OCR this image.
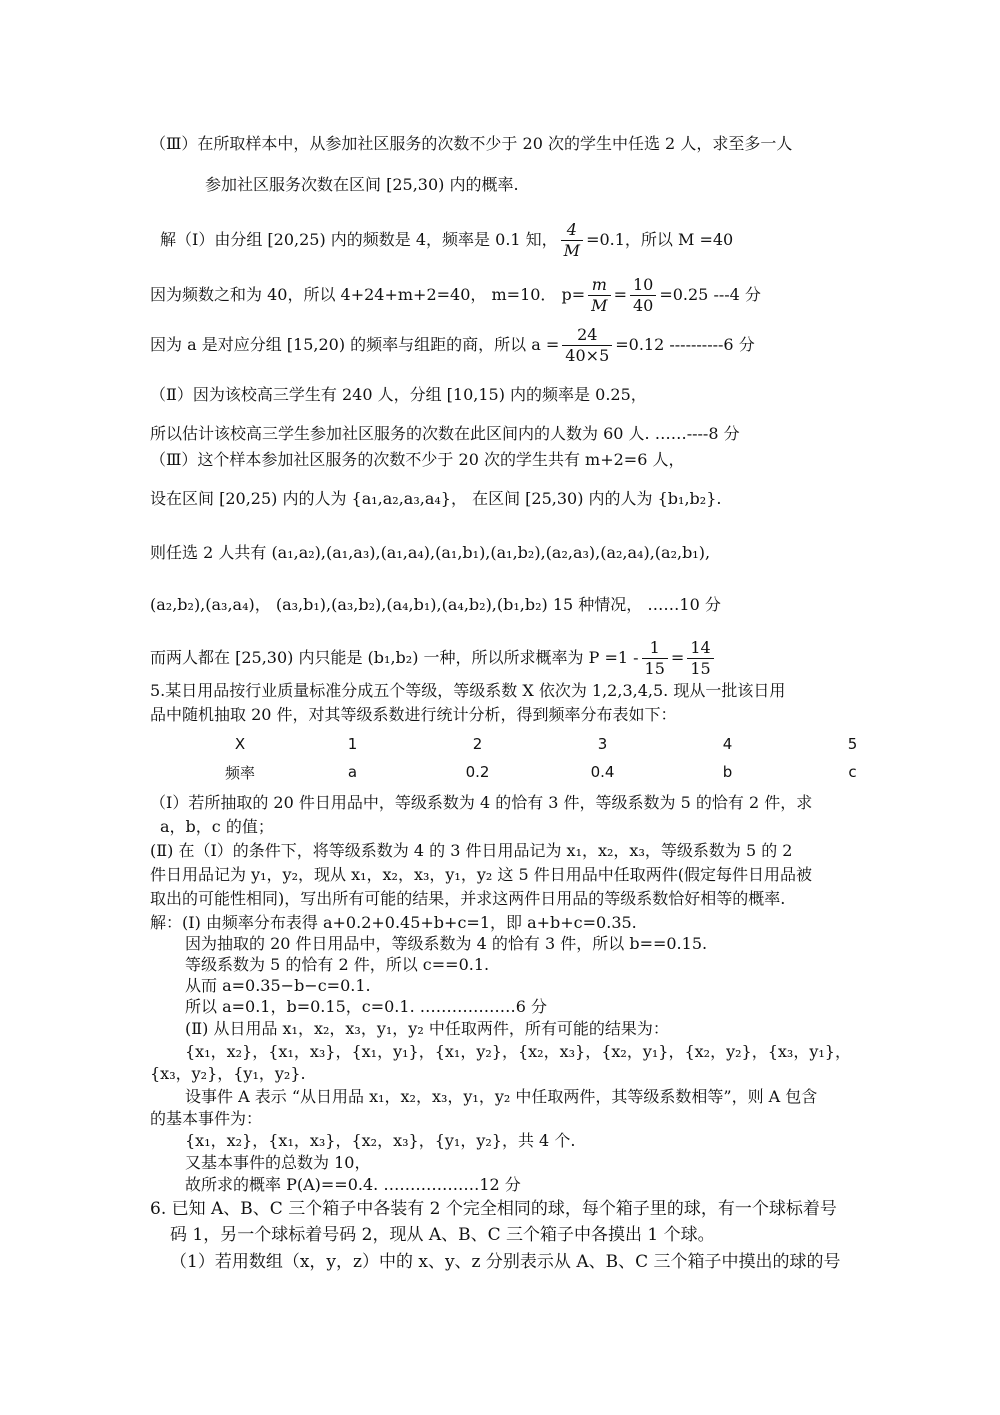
（Ⅲ）在所取样本中，从参加社区服务的次数不少于 20 次的学生中任选 2 人，求至多一人
参加社区服务次数在区间 [25,30) 内的概率.
解（Ⅰ）由分组 [20,25) 内的频数是 4，频率是 0.1 知， $\frac{4}{M} =0.1$，所以 M =40
因为频数之和为 40，所以 4+24+m+2=40， m=10． $p= \frac{m}{M} = \frac{10}{40} =0.25$ ---4 分
因为 a 是对应分组 [15,20) 的频率与组距的商，所以 $a = \frac{24}{40\times 5} =0.12$ ----------6 分
（Ⅱ）因为该校高三学生有 240 人，分组 [10,15) 内的频率是 0.25，
所以估计该校高三学生参加社区服务的次数在此区间内的人数为 60 人. ……----8 分
（Ⅲ）这个样本参加社区服务的次数不少于 20 次的学生共有 m+2=6 人，
设在区间 [20,25) 内的人为 {a₁,a₂,a₃,a₄}， 在区间 [25,30) 内的人为 {b₁,b₂}.
则任选 2 人共有 (a₁,a₂),(a₁,a₃),(a₁,a₄),(a₁,b₁),(a₁,b₂),(a₂,a₃),(a₂,a₄),(a₂,b₁),
(a₂,b₂),(a₃,a₄)， (a₃,b₁),(a₃,b₂),(a₄,b₁),(a₄,b₂),(b₁,b₂) 15 种情况， ……10 分
而两人都在 [25,30) 内只能是 (b₁,b₂) 一种，所以所求概率为 $P =1 - \frac{1}{15} = \frac{14}{15}$
5.某日用品按行业质量标准分成五个等级，等级系数 X 依次为 1,2,3,4,5. 现从一批该日用
品中随机抽取 20 件，对其等级系数进行统计分析，得到频率分布表如下：
X	1	2	3	4	5
频率	a	0.2	0.4	b	c
（Ⅰ）若所抽取的 20 件日用品中，等级系数为 4 的恰有 3 件，等级系数为 5 的恰有 2 件，求
a，b，c 的值；
(Ⅱ) 在（Ⅰ）的条件下，将等级系数为 4 的 3 件日用品记为 x₁，x₂，x₃，等级系数为 5 的 2
件日用品记为 y₁，y₂，现从 x₁，x₂，x₃，y₁，y₂ 这 5 件日用品中任取两件(假定每件日用品被
取出的可能性相同)，写出所有可能的结果，并求这两件日用品的等级系数恰好相等的概率.
解：(Ⅰ) 由频率分布表得 a+0.2+0.45+b+c=1，即 a+b+c=0.35.
因为抽取的 20 件日用品中，等级系数为 4 的恰有 3 件，所以 b==0.15.
等级系数为 5 的恰有 2 件，所以 c==0.1.
从而 a=0.35−b−c=0.1.
所以 a=0.1，b=0.15，c=0.1. ………………6 分
(Ⅱ) 从日用品 x₁，x₂，x₃，y₁，y₂ 中任取两件，所有可能的结果为：
{x₁，x₂}，{x₁，x₃}，{x₁，y₁}，{x₁，y₂}，{x₂，x₃}，{x₂，y₁}，{x₂，y₂}，{x₃，y₁}，
{x₃，y₂}，{y₁，y₂}.
设事件 A 表示 “从日用品 x₁，x₂，x₃，y₁，y₂ 中任取两件，其等级系数相等”，则 A 包含
的基本事件为：
{x₁，x₂}，{x₁，x₃}，{x₂，x₃}，{y₁，y₂}，共 4 个.
又基本事件的总数为 10，
故所求的概率 P(A)==0.4. ………………12 分
6. 已知 A、B、C 三个箱子中各装有 2 个完全相同的球，每个箱子里的球，有一个球标着号
码 1，另一个球标着号码 2，现从 A、B、C 三个箱子中各摸出 1 个球。
（1）若用数组（x，y，z）中的 x、y、z 分别表示从 A、B、C 三个箱子中摸出的球的号
